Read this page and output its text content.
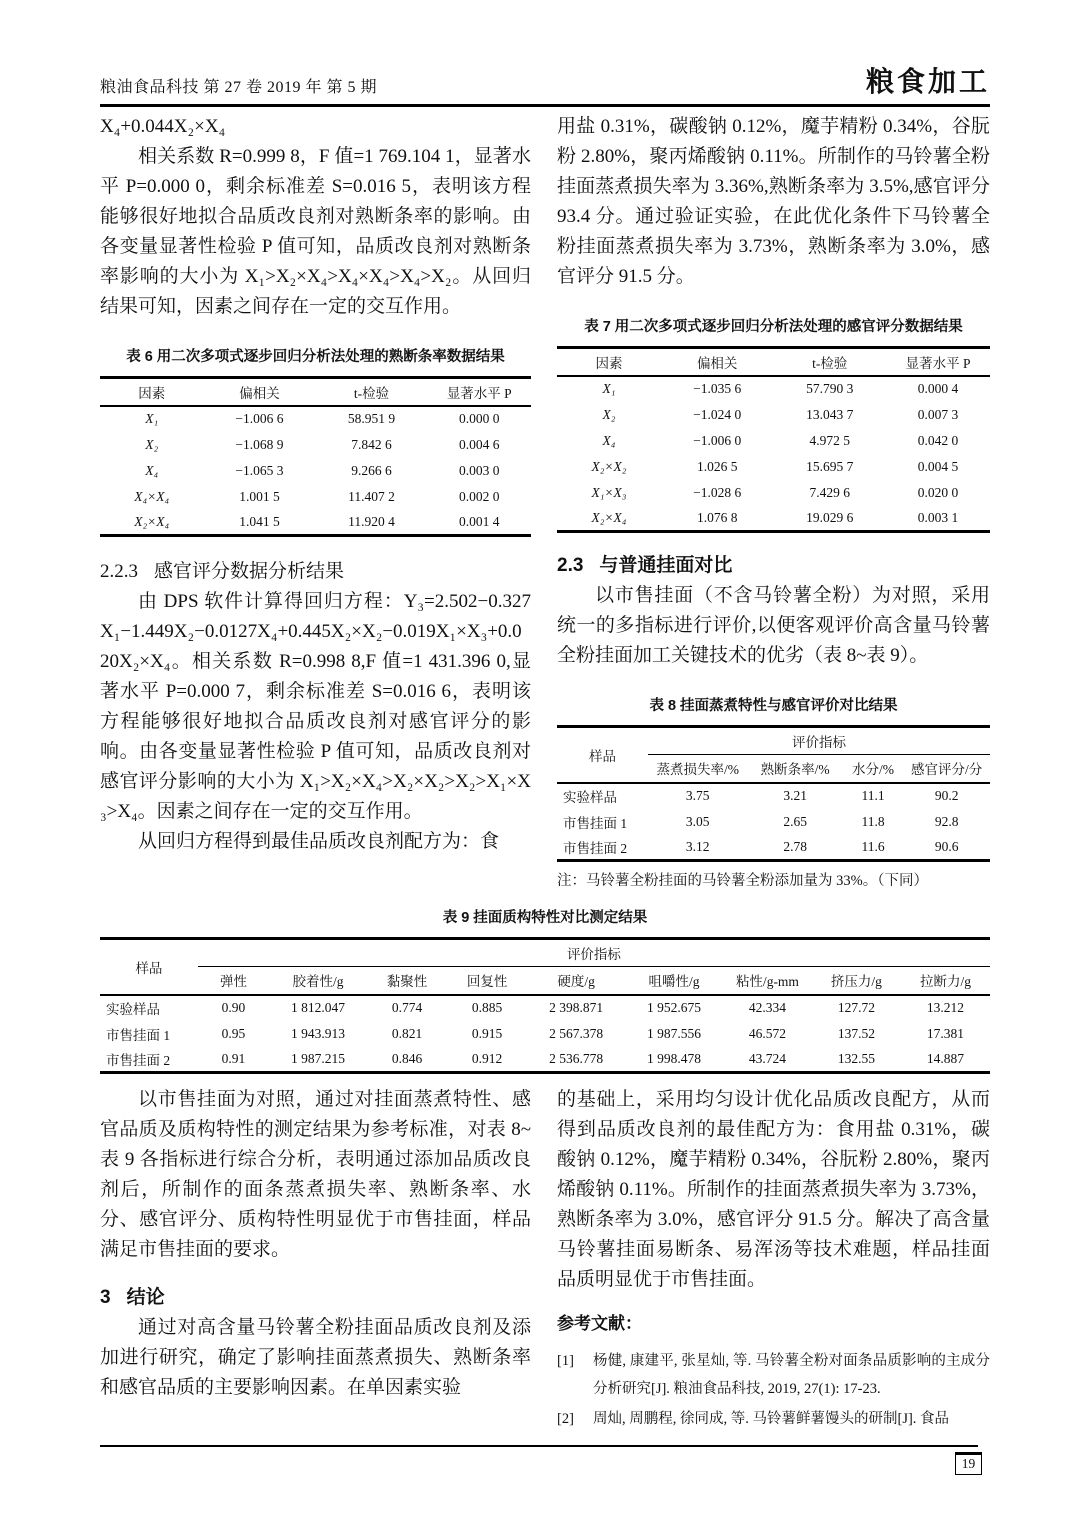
粮油食品科技 第 27 卷 2019 年 第 5 期	粮食加工

X₄+0.044X₂×X₄

相关系数 R=0.999 8，F 值=1 769.104 1，显著水平 P=0.000 0，剩余标准差 S=0.016 5，表明该方程能够很好地拟合品质改良剂对熟断条率的影响。由各变量显著性检验 P 值可知，品质改良剂对熟断条率影响的大小为 X₁>X₂×X₄>X₄×X₄>X₄>X₂。从回归结果可知，因素之间存在一定的交互作用。

表 6 用二次多项式逐步回归分析法处理的熟断条率数据结果
因素	偏相关	t-检验	显著水平 P
X₁	−1.006 6	58.951 9	0.000 0
X₂	−1.068 9	7.842 6	0.004 6
X₄	−1.065 3	9.266 6	0.003 0
X₄×X₄	1.001 5	11.407 2	0.002 0
X₂×X₄	1.041 5	11.920 4	0.001 4
2.2.3 感官评分数据分析结果

由 DPS 软件计算得回归方程：Y₃=2.502−0.327X₁−1.449X₂−0.0127X₄+0.445X₂×X₂−0.019X₁×X₃+0.020X₂×X₄。相关系数 R=0.998 8,F 值=1 431.396 0,显著水平 P=0.000 7，剩余标准差 S=0.016 6，表明该方程能够很好地拟合品质改良剂对感官评分的影响。由各变量显著性检验 P 值可知，品质改良剂对感官评分影响的大小为 X₁>X₂×X₄>X₂×X₂>X₂>X₁×X₃>X₄。因素之间存在一定的交互作用。

从回归方程得到最佳品质改良剂配方为：食

用盐 0.31%，碳酸钠 0.12%，魔芋精粉 0.34%，谷朊粉 2.80%，聚丙烯酸钠 0.11%。所制作的马铃薯全粉挂面蒸煮损失率为 3.36%,熟断条率为 3.5%,感官评分 93.4 分。通过验证实验，在此优化条件下马铃薯全粉挂面蒸煮损失率为 3.73%，熟断条率为 3.0%，感官评分 91.5 分。

表 7 用二次多项式逐步回归分析法处理的感官评分数据结果
因素	偏相关	t-检验	显著水平 P
X₁	−1.035 6	57.790 3	0.000 4
X₂	−1.024 0	13.043 7	0.007 3
X₄	−1.006 0	4.972 5	0.042 0
X₂×X₂	1.026 5	15.695 7	0.004 5
X₁×X₃	−1.028 6	7.429 6	0.020 0
X₂×X₄	1.076 8	19.029 6	0.003 1
2.3 与普通挂面对比

以市售挂面（不含马铃薯全粉）为对照，采用统一的多指标进行评价,以便客观评价高含量马铃薯全粉挂面加工关键技术的优劣（表 8~表 9）。

表 8 挂面蒸煮特性与感官评价对比结果
样品	评价指标			
	蒸煮损失率/%	熟断条率/%	水分/%	感官评分/分
实验样品	3.75	3.21	11.1	90.2
市售挂面 1	3.05	2.65	11.8	92.8
市售挂面 2	3.12	2.78	11.6	90.6
注：马铃薯全粉挂面的马铃薯全粉添加量为 33%。（下同）
表 9 挂面质构特性对比测定结果
样品	评价指标								
	弹性	胶着性/g	黏聚性	回复性	硬度/g	咀嚼性/g	粘性/g-mm	挤压力/g	拉断力/g
实验样品	0.90	1 812.047	0.774	0.885	2 398.871	1 952.675	42.334	127.72	13.212
市售挂面 1	0.95	1 943.913	0.821	0.915	2 567.378	1 987.556	46.572	137.52	17.381
市售挂面 2	0.91	1 987.215	0.846	0.912	2 536.778	1 998.478	43.724	132.55	14.887

以市售挂面为对照，通过对挂面蒸煮特性、感官品质及质构特性的测定结果为参考标准，对表 8~表 9 各指标进行综合分析，表明通过添加品质改良剂后，所制作的面条蒸煮损失率、熟断条率、水分、感官评分、质构特性明显优于市售挂面，样品满足市售挂面的要求。

3 结论

通过对高含量马铃薯全粉挂面品质改良剂及添加进行研究，确定了影响挂面蒸煮损失、熟断条率和感官品质的主要影响因素。在单因素实验

的基础上，采用均匀设计优化品质改良配方，从而得到品质改良剂的最佳配方为：食用盐 0.31%，碳酸钠 0.12%，魔芋精粉 0.34%，谷朊粉 2.80%，聚丙烯酸钠 0.11%。所制作的挂面蒸煮损失率为 3.73%，熟断条率为 3.0%，感官评分 91.5 分。解决了高含量马铃薯挂面易断条、易浑汤等技术难题，样品挂面品质明显优于市售挂面。

参考文献：
[1]	杨健, 康建平, 张星灿, 等. 马铃薯全粉对面条品质影响的主成分分析研究[J]. 粮油食品科技, 2019, 27(1): 17-23.
[2]	周灿, 周鹏程, 徐同成, 等. 马铃薯鲜薯馒头的研制[J]. 食品
19
